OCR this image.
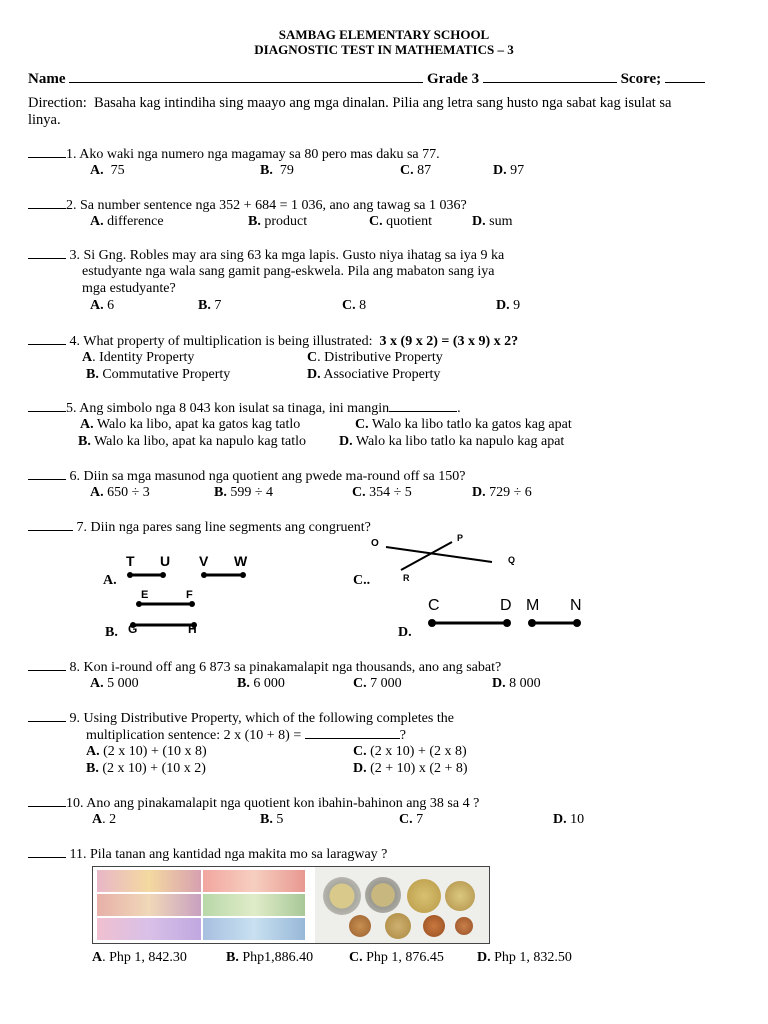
SAMBAG ELEMENTARY SCHOOL
DIAGNOSTIC TEST IN MATHEMATICS – 3
Name	Grade 3	Score;
Direction: Basaha kag intindiha sing maayo ang mga dinalan. Pilia ang letra sang husto nga sabat kag isulat sa
linya.
1. Ako waki nga numero nga magamay sa 80 pero mas daku sa 77.
A. 75	B. 79	C. 87	D. 97
2. Sa number sentence nga 352 + 684 = 1 036, ano ang tawag sa 1 036?
A. difference	B. product	C. quotient	D. sum
3. Si Gng. Robles may ara sing 63 ka mga lapis. Gusto niya ihatag sa iya 9 ka
estudyante nga wala sang gamit pang-eskwela. Pila ang mabaton sang iya
mga estudyante?
A. 6	B. 7	C. 8	D. 9
4. What property of multiplication is being illustrated: 3 x (9 x 2) = (3 x 9) x 2?
A. Identity Property	C. Distributive Property
B. Commutative Property	D. Associative Property
5. Ang simbolo nga 8 043 kon isulat sa tinaga, ini mangin	.
A. Walo ka libo, apat ka gatos kag tatlo	C. Walo ka libo tatlo ka gatos kag apat
B. Walo ka libo, apat ka napulo kag tatlo D. Walo ka libo tatlo ka napulo kag apat
6. Diin sa mga masunod nga quotient ang pwede ma-round off sa 150?
A. 650 ÷ 3	B. 599 ÷ 4	C. 354 ÷ 5	D. 729 ÷ 6
7. Diin nga pares sang line segments ang congruent?
A.
B.
C..
D.
T U V W
E	F
G	H
O	P
Q
R
C	D M N
8. Kon i-round off ang 6 873 sa pinakamalapit nga thousands, ano ang sabat?
A. 5 000	B. 6 000	C. 7 000	D. 8 000
9. Using Distributive Property, which of the following completes the
multiplication sentence: 2 x (10 + 8) =	?
A. (2 x 10) + (10 x 8)	C. (2 x 10) + (2 x 8)
B. (2 x 10) + (10 x 2)	D. (2 + 10) x (2 + 8)
10. Ano ang pinakamalapit nga quotient kon ibahin-bahinon ang 38 sa 4 ?
A. 2	B. 5	C. 7	D. 10
11. Pila tanan ang kantidad nga makita mo sa laragway ?
A. Php 1, 842.30	B. Php1,886.40	C. Php 1, 876.45 D. Php 1, 832.50
